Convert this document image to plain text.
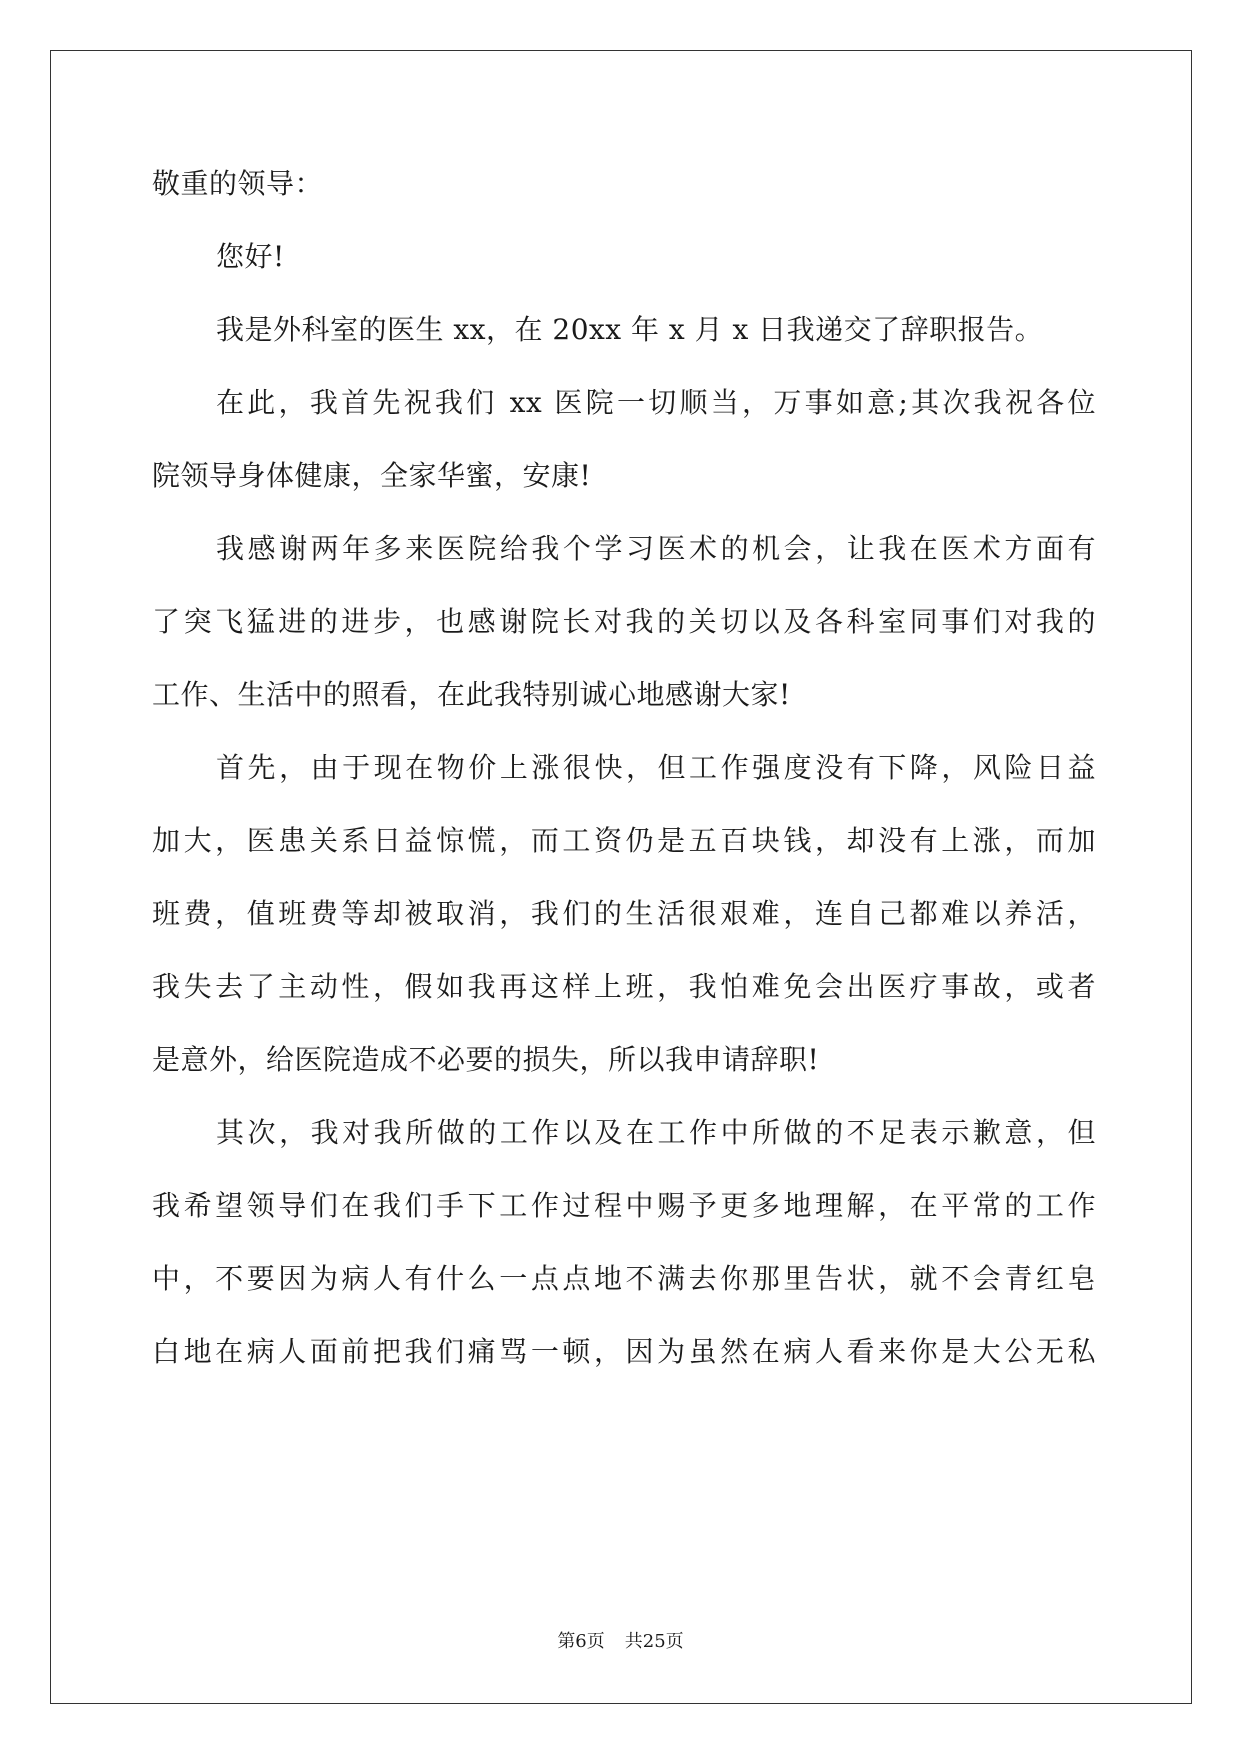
敬重的领导：
您好!
我是外科室的医生 xx，在 20xx 年 x 月 x 日我递交了辞职报告。
在此，我首先祝我们 xx 医院一切顺当，万事如意;其次我祝各位
院领导身体健康，全家华蜜，安康!
我感谢两年多来医院给我个学习医术的机会，让我在医术方面有
了突飞猛进的进步，也感谢院长对我的关切以及各科室同事们对我的
工作、生活中的照看，在此我特别诚心地感谢大家!
首先，由于现在物价上涨很快，但工作强度没有下降，风险日益
加大，医患关系日益惊慌，而工资仍是五百块钱，却没有上涨，而加
班费，值班费等却被取消，我们的生活很艰难，连自己都难以养活，
我失去了主动性，假如我再这样上班，我怕难免会出医疗事故，或者
是意外，给医院造成不必要的损失，所以我申请辞职!
其次，我对我所做的工作以及在工作中所做的不足表示歉意，但
我希望领导们在我们手下工作过程中赐予更多地理解，在平常的工作
中，不要因为病人有什么一点点地不满去你那里告状，就不会青红皂
白地在病人面前把我们痛骂一顿，因为虽然在病人看来你是大公无私
第6页 共25页
